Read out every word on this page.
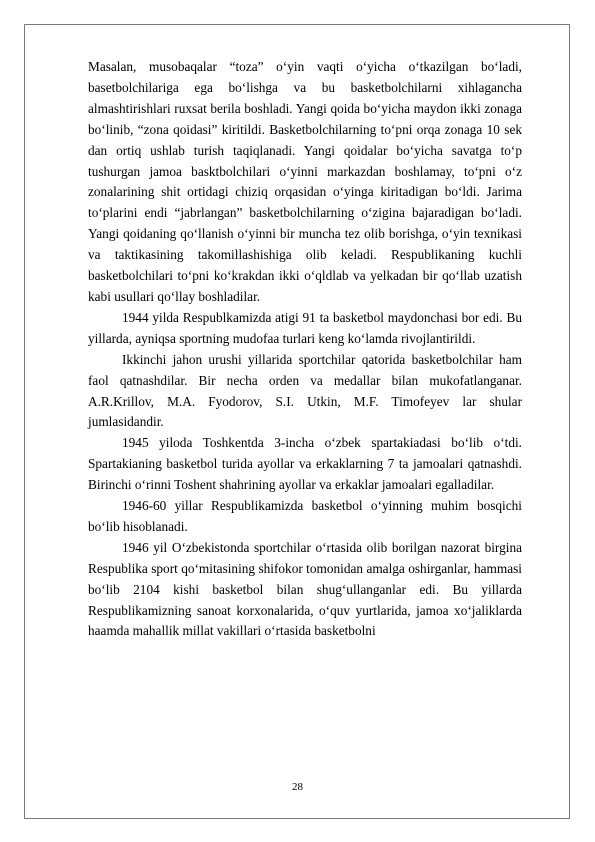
Masalan, musobaqalar “toza” o‘yin vaqti o‘yicha o‘tkazilgan bo‘ladi, basetbolchilariga ega bo‘lishga va bu basketbolchilarni xihlagancha almashtirishlari ruxsat berila boshladi. Yangi qoida bo‘yicha maydon ikki zonaga bo‘linib, “zona qoidasi” kiritildi. Basketbolchilarning to‘pni orqa zonaga 10 sek dan ortiq ushlab turish taqiqlanadi. Yangi qoidalar bo‘yicha savatga to‘p tushurgan jamoa basktbolchilari o‘yinni markazdan boshlamay, to‘pni o‘z zonalarining shit ortidagi chiziq orqasidan o‘yinga kiritadigan bo‘ldi. Jarima to‘plarini endi “jabrlangan” basketbolchilarning o‘zigina bajaradigan bo‘ladi. Yangi qoidaning qo‘llanish o‘yinni bir muncha tez olib borishga, o‘yin texnikasi va taktikasining takomillashishiga olib keladi. Respublikaning kuchli basketbolchilari to‘pni ko‘krakdan ikki o‘qldlab va yelkadan bir qo‘llab uzatish kabi usullari qo‘llay boshladilar.

1944 yilda Respublkamizda atigi 91 ta basketbol maydonchasi bor edi. Bu yillarda, ayniqsa sportning mudofaa turlari keng ko‘lamda rivojlantirildi.

Ikkinchi jahon urushi yillarida sportchilar qatorida basketbolchilar ham faol qatnashdilar. Bir necha orden va medallar bilan mukofatlanganar. A.R.Krillov, M.A. Fyodorov, S.I. Utkin, M.F. Timofeyev lar shular jumlasidandir.

1945 yiloda Toshkentda 3-incha o‘zbek spartakiadasi bo‘lib o‘tdi. Spartakianing basketbol turida ayollar va erkaklarning 7 ta jamoalari qatnashdi. Birinchi o‘rinni Toshent shahrining ayollar va erkaklar jamoalari egalladilar.

1946-60 yillar Respublikamizda basketbol o‘yinning muhim bosqichi bo‘lib hisoblanadi.

1946 yil O‘zbekistonda sportchilar o‘rtasida olib borilgan nazorat birgina Respublika sport qo‘mitasining shifokor tomonidan amalga oshirganlar, hammasi bo‘lib 2104 kishi basketbol bilan shug‘ullanganlar edi. Bu yillarda Respublikamizning sanoat korxonalarida, o‘quv yurtlarida, jamoa xo‘jaliklarda haamda mahallik millat vakillari o‘rtasida basketbolni

28
